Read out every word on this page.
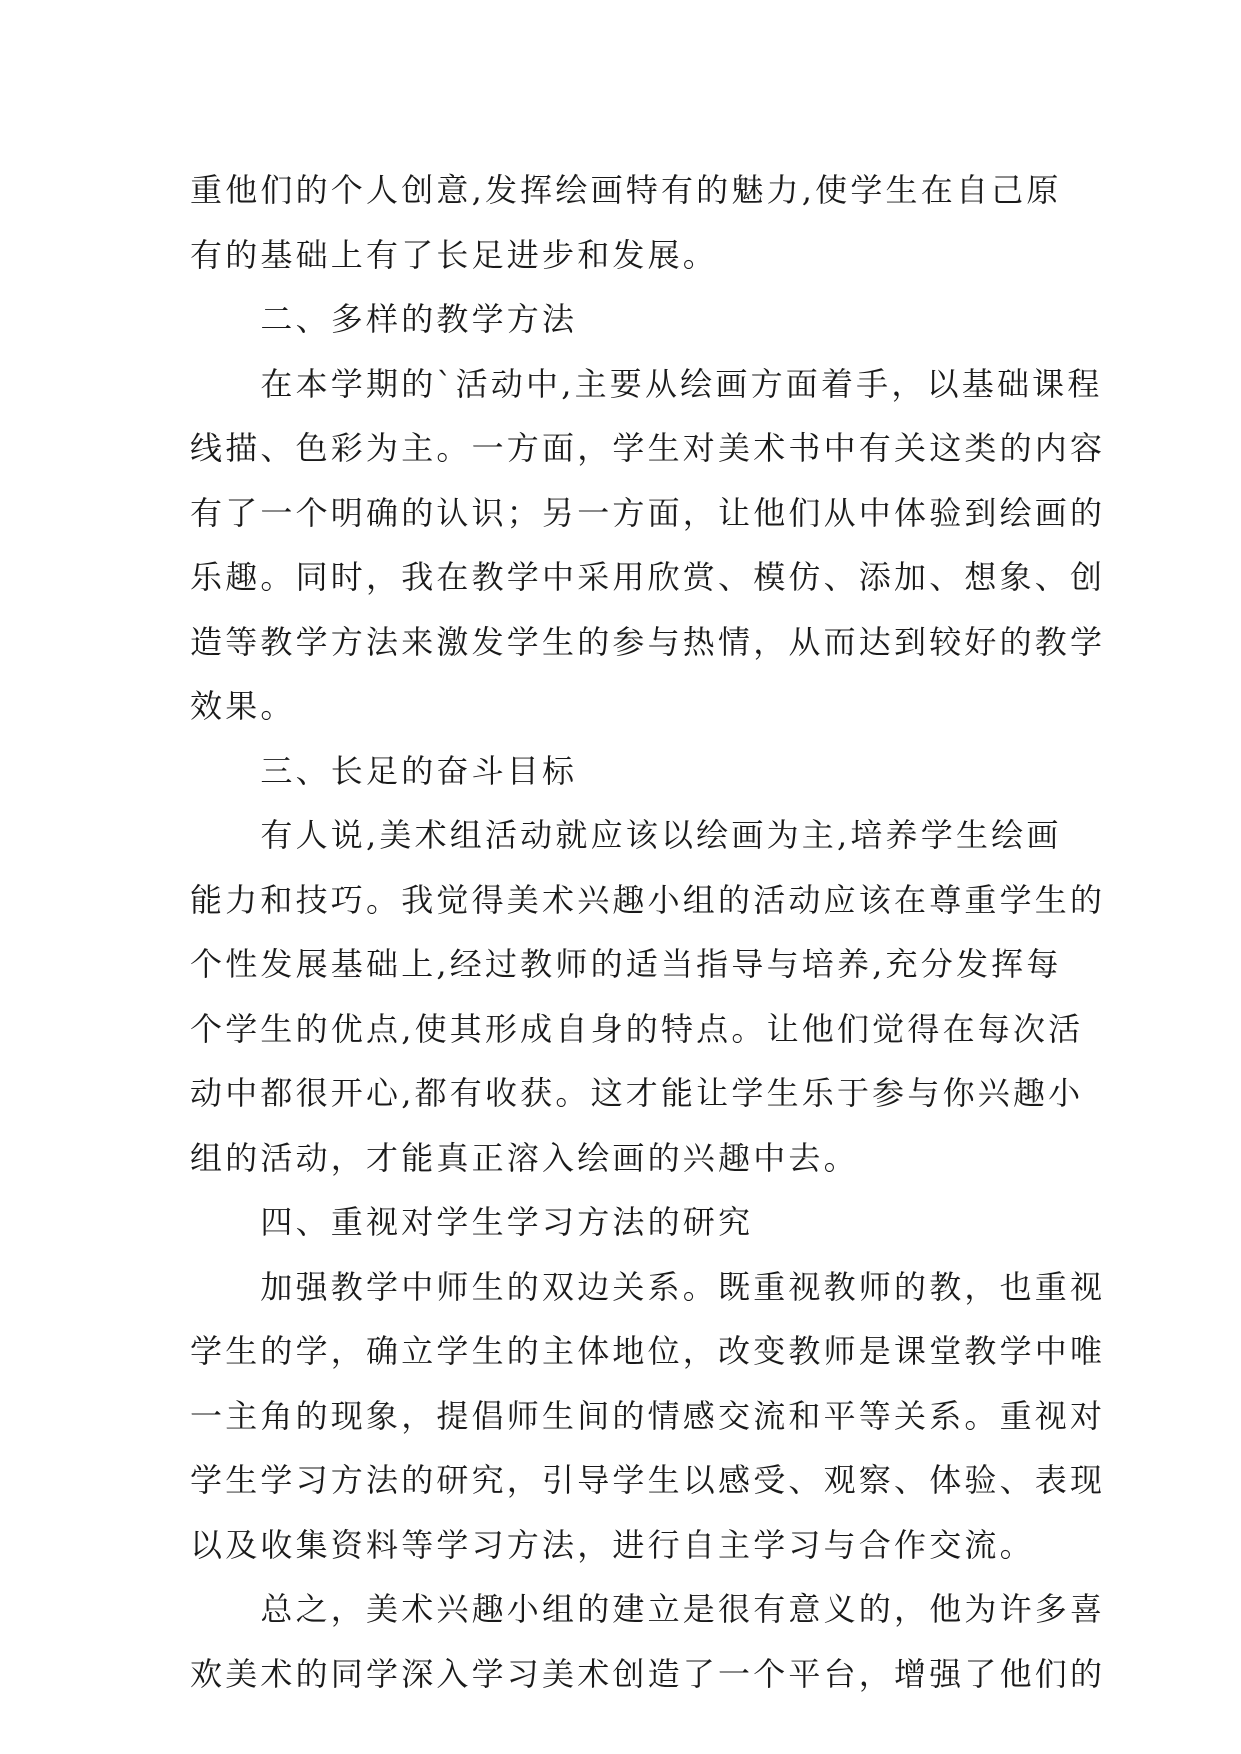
重他们的个人创意,发挥绘画特有的魅力,使学生在自己原
有的基础上有了长足进步和发展。
　　二、多样的教学方法
　　在本学期的`活动中,主要从绘画方面着手，以基础课程
线描、色彩为主。一方面，学生对美术书中有关这类的内容
有了一个明确的认识；另一方面，让他们从中体验到绘画的
乐趣。同时，我在教学中采用欣赏、模仿、添加、想象、创
造等教学方法来激发学生的参与热情，从而达到较好的教学
效果。
　　三、长足的奋斗目标
　　有人说,美术组活动就应该以绘画为主,培养学生绘画
能力和技巧。我觉得美术兴趣小组的活动应该在尊重学生的
个性发展基础上,经过教师的适当指导与培养,充分发挥每
个学生的优点,使其形成自身的特点。让他们觉得在每次活
动中都很开心,都有收获。这才能让学生乐于参与你兴趣小
组的活动，才能真正溶入绘画的兴趣中去。
　　四、重视对学生学习方法的研究
　　加强教学中师生的双边关系。既重视教师的教，也重视
学生的学，确立学生的主体地位，改变教师是课堂教学中唯
一主角的现象，提倡师生间的情感交流和平等关系。重视对
学生学习方法的研究，引导学生以感受、观察、体验、表现
以及收集资料等学习方法，进行自主学习与合作交流。
　　总之，美术兴趣小组的建立是很有意义的，他为许多喜
欢美术的同学深入学习美术创造了一个平台，增强了他们的
